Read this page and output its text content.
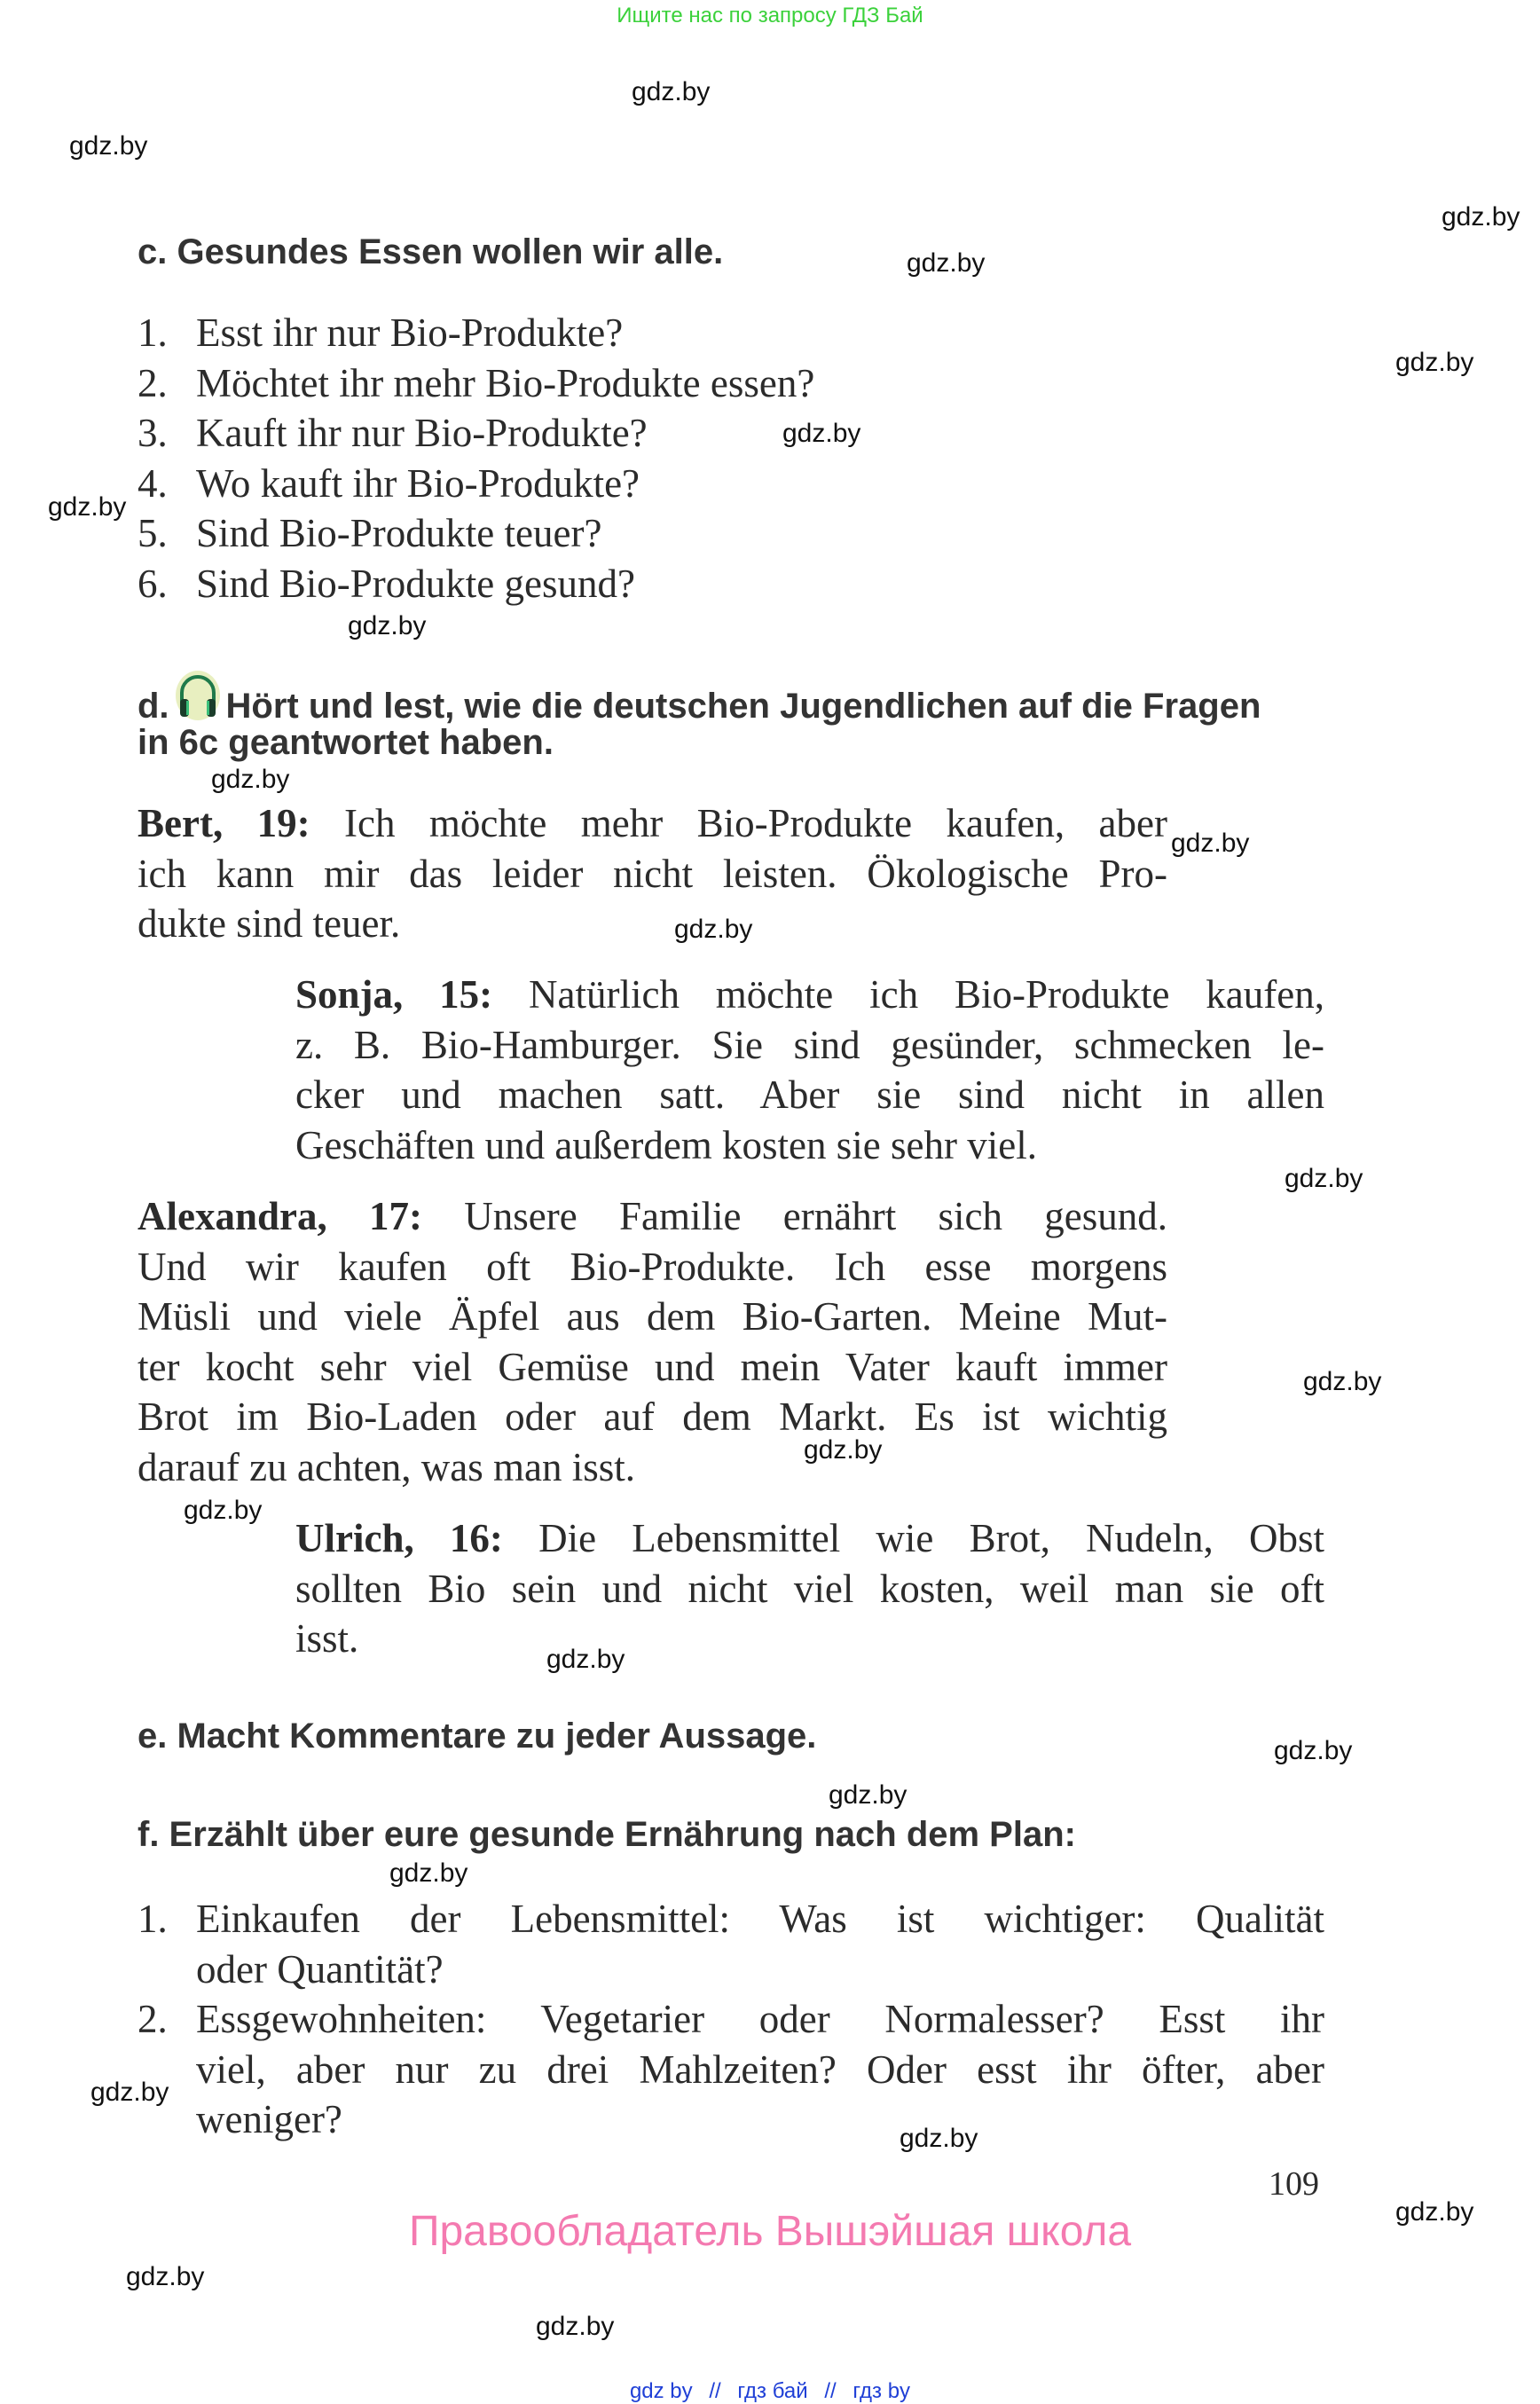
Ищите нас по запросу ГДЗ Бай
gdz.by
gdz.by
gdz.by
gdz.by
gdz.by
gdz.by
gdz.by
gdz.by
gdz.by
gdz.by
gdz.by
gdz.by
gdz.by
gdz.by
gdz.by
gdz.by
gdz.by
gdz.by
gdz.by
gdz.by
gdz.by
gdz.by
gdz.by
gdz.by
c. Gesundes Essen wollen wir alle.
1. Esst ihr nur Bio-Produkte?
2. Möchtet ihr mehr Bio-Produkte essen?
3. Kauft ihr nur Bio-Produkte?
4. Wo kauft ihr Bio-Produkte?
5. Sind Bio-Produkte teuer?
6. Sind Bio-Produkte gesund?
d. Hört und lest, wie die deutschen Jugendlichen auf die Fragen
in 6c geantwortet haben.
Bert, 19: Ich möchte mehr Bio-Produkte kaufen, aber
ich kann mir das leider nicht leisten. Ökologische Pro-
dukte sind teuer.
Sonja, 15: Natürlich möchte ich Bio-Produkte kaufen,
z. B. Bio-Hamburger. Sie sind gesünder, schmecken le-
cker und machen satt. Aber sie sind nicht in allen
Geschäften und außerdem kosten sie sehr viel.
Alexandra, 17: Unsere Familie ernährt sich gesund.
Und wir kaufen oft Bio-Produkte. Ich esse morgens
Müsli und viele Äpfel aus dem Bio-Garten. Meine Mut-
ter kocht sehr viel Gemüse und mein Vater kauft immer
Brot im Bio-Laden oder auf dem Markt. Es ist wichtig
darauf zu achten, was man isst.
Ulrich, 16: Die Lebensmittel wie Brot, Nudeln, Obst
sollten Bio sein und nicht viel kosten, weil man sie oft
isst.
e. Macht Kommentare zu jeder Aussage.
f. Erzählt über eure gesunde Ernährung nach dem Plan:
1. Einkaufen der Lebensmittel: Was ist wichtiger: Qualität
oder Quantität?
2. Essgewohnheiten: Vegetarier oder Normalesser? Esst ihr
viel, aber nur zu drei Mahlzeiten? Oder esst ihr öfter, aber
weniger?
109
Правообладатель Вышэйшая школа
gdz by // гдз бай // гдз by
